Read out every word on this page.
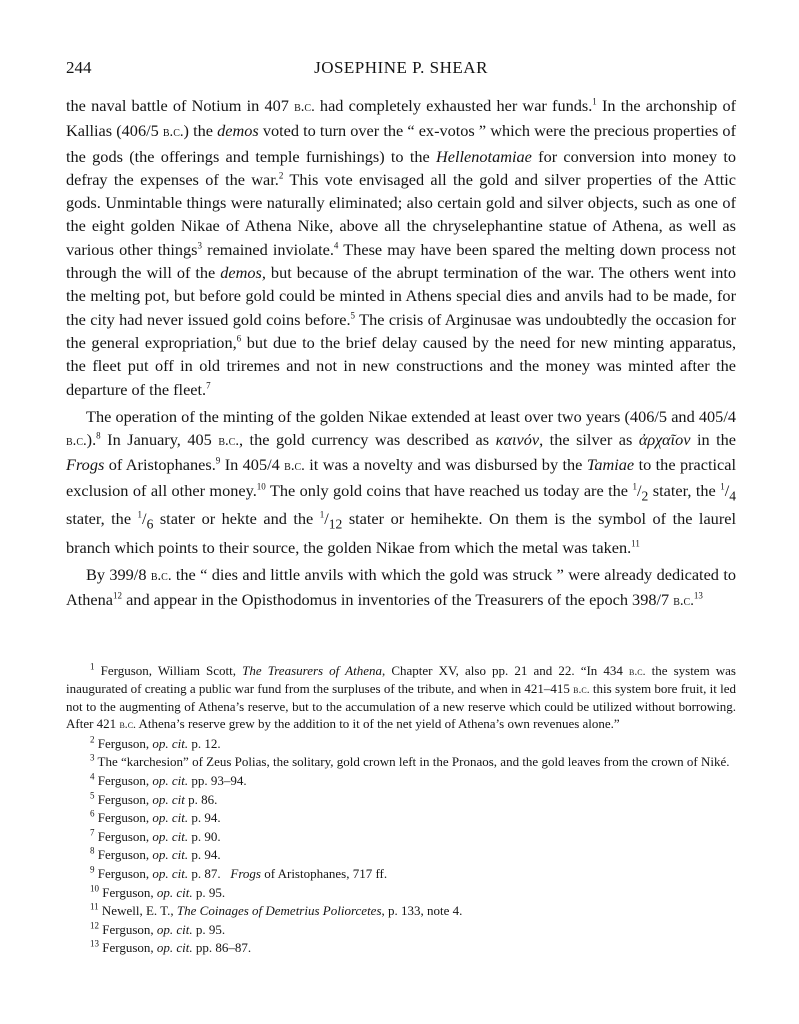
244	JOSEPHINE P. SHEAR

the naval battle of Notium in 407 b.c. had completely exhausted her war funds.$^1$ In the archonship of Kallias (406/5 b.c.) the demos voted to turn over the “ ex-votos ” which were the precious properties of the gods (the offerings and temple furnishings) to the Hellenotamiae for conversion into money to defray the expenses of the war.$^2$ This vote envisaged all the gold and silver properties of the Attic gods. Unmintable things were naturally eliminated; also certain gold and silver objects, such as one of the eight golden Nikae of Athena Nike, above all the chryselephantine statue of Athena, as well as various other things$^3$ remained inviolate.$^4$ These may have been spared the melting down process not through the will of the demos, but because of the abrupt termination of the war. The others went into the melting pot, but before gold could be minted in Athens special dies and anvils had to be made, for the city had never issued gold coins before.$^5$ The crisis of Arginusae was undoubtedly the occasion for the general expropriation,$^6$ but due to the brief delay caused by the need for new minting apparatus, the fleet put off in old triremes and not in new constructions and the money was minted after the departure of the fleet.$^7$

The operation of the minting of the golden Nikae extended at least over two years (406/5 and 405/4 b.c.).$^8$ In January, 405 b.c., the gold currency was described as καινόν, the silver as ἀρχαῖον in the Frogs of Aristophanes.$^9$ In 405/4 b.c. it was a novelty and was disbursed by the Tamiae to the practical exclusion of all other money.$^{10}$ The only gold coins that have reached us today are the $^1/_2$ stater, the $^1/_4$ stater, the $^1/_6$ stater or hekte and the $^1/_{12}$ stater or hemihekte. On them is the symbol of the laurel branch which points to their source, the golden Nikae from which the metal was taken.$^{11}$

By 399/8 b.c. the “ dies and little anvils with which the gold was struck ” were already dedicated to Athena$^{12}$ and appear in the Opisthodomus in inventories of the Treasurers of the epoch 398/7 b.c.$^{13}$

$^1$ Ferguson, William Scott, The Treasurers of Athena, Chapter XV, also pp. 21 and 22. “In 434 b.c. the system was inaugurated of creating a public war fund from the surpluses of the tribute, and when in 421–415 b.c. this system bore fruit, it led not to the augmenting of Athena’s reserve, but to the accumulation of a new reserve which could be utilized without borrowing. After 421 b.c. Athena’s reserve grew by the addition to it of the net yield of Athena’s own revenues alone.”

$^2$ Ferguson, op. cit. p. 12.

$^3$ The “karchesion” of Zeus Polias, the solitary, gold crown left in the Pronaos, and the gold leaves from the crown of Niké.

$^4$ Ferguson, op. cit. pp. 93–94.

$^5$ Ferguson, op. cit p. 86.

$^6$ Ferguson, op. cit. p. 94.

$^7$ Ferguson, op. cit. p. 90.

$^8$ Ferguson, op. cit. p. 94.

$^9$ Ferguson, op. cit. p. 87.   Frogs of Aristophanes, 717 ff.

$^{10}$ Ferguson, op. cit. p. 95.

$^{11}$ Newell, E. T., The Coinages of Demetrius Poliorcetes, p. 133, note 4.

$^{12}$ Ferguson, op. cit. p. 95.

$^{13}$ Ferguson, op. cit. pp. 86–87.
